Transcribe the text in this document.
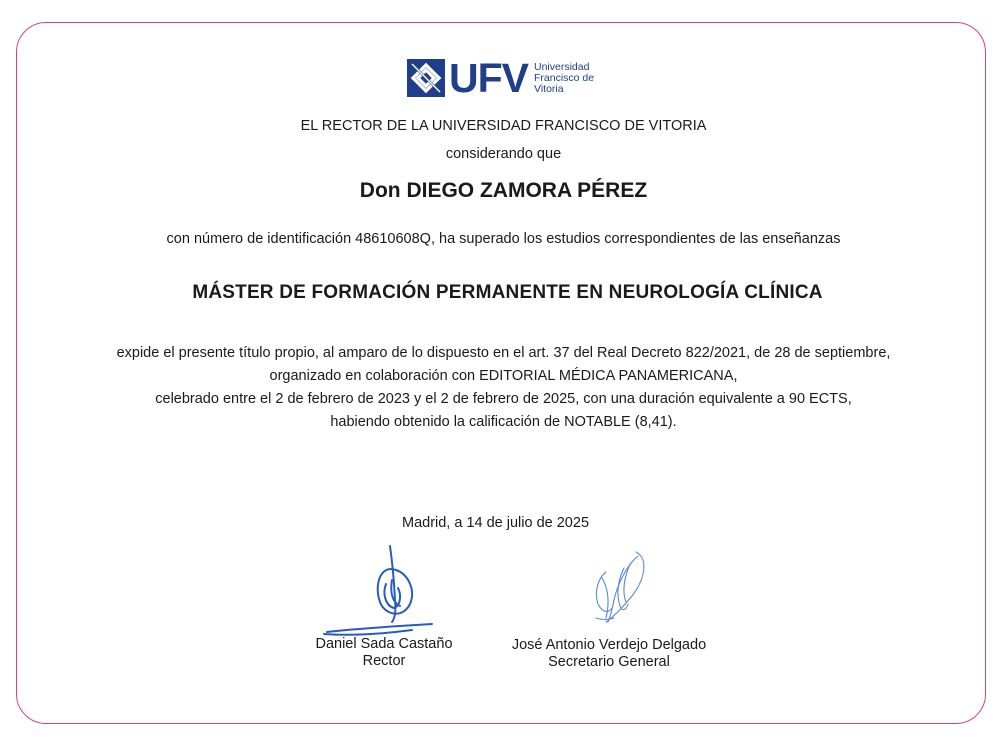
UFV Universidad
Francisco de
Vitoria
EL RECTOR DE LA UNIVERSIDAD FRANCISCO DE VITORIA
considerando que
Don DIEGO ZAMORA PÉREZ
con número de identificación 48610608Q, ha superado los estudios correspondientes de las enseñanzas
MÁSTER DE FORMACIÓN PERMANENTE EN NEUROLOGÍA CLÍNICA
expide el presente título propio, al amparo de lo dispuesto en el art. 37 del Real Decreto 822/2021, de 28 de septiembre,
organizado en colaboración con EDITORIAL MÉDICA PANAMERICANA,
celebrado entre el 2 de febrero de 2023 y el 2 de febrero de 2025, con una duración equivalente a 90 ECTS,
habiendo obtenido la calificación de NOTABLE (8,41).
Madrid, a 14 de julio de 2025
Daniel Sada Castaño
Rector
José Antonio Verdejo Delgado
Secretario General
